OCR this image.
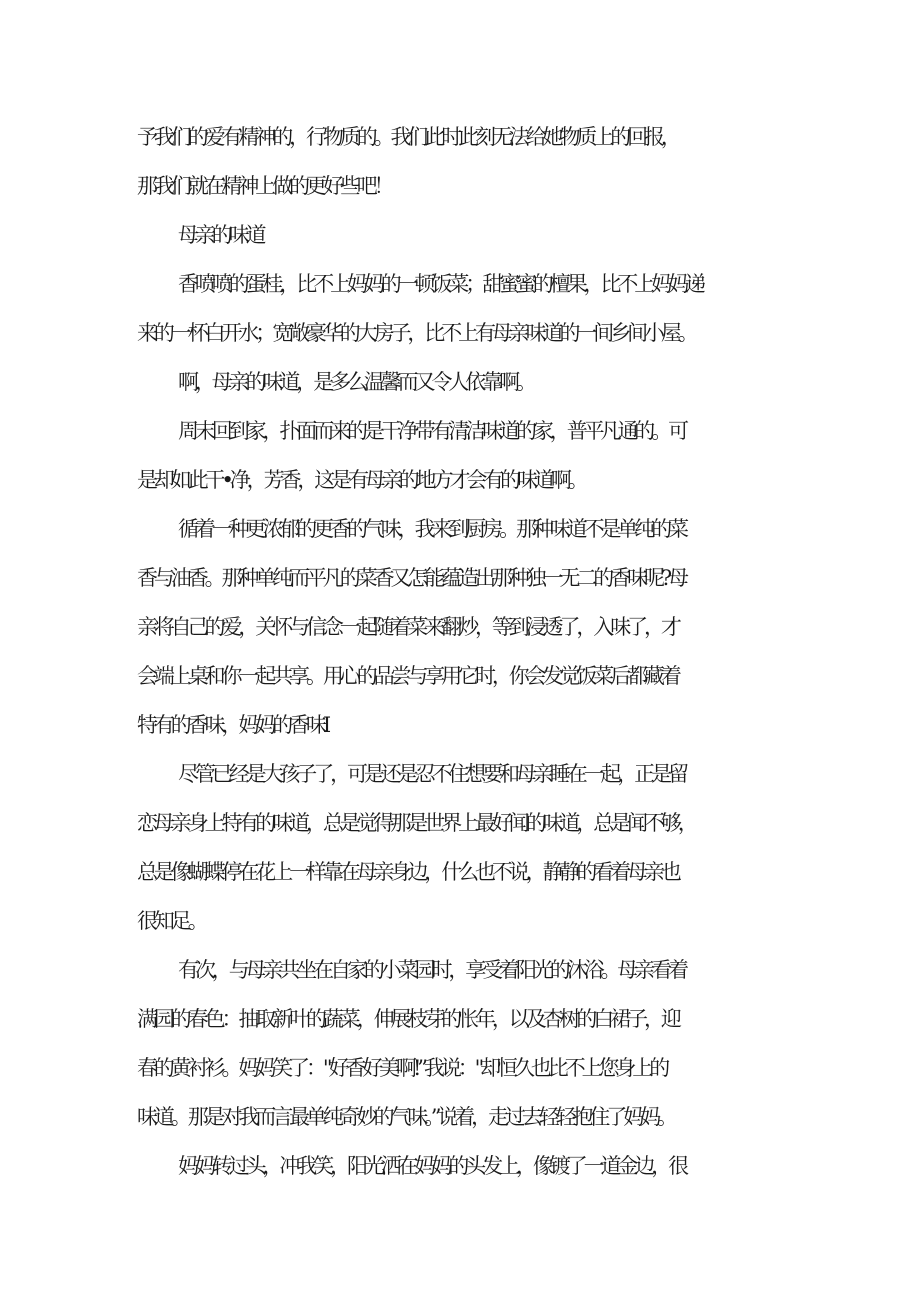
予我们的爱有精神的，行物质的。我们此时此刻无法给她物质上的回报，
那我们就在精神上做的更好些吧！
母亲的味道
香喷喷的蛋桂，比不上妈妈的一顿饭菜；甜蜜蜜的檀果，比不上妈妈递
来的一杯白开水；宽敞豪华的大房子，比不上有母亲味道的一间乡间小屋。
啊，母亲的味道，是多么温馨而又令人依靠啊。
周末回到家，扑面而来的是干净带有清洁味道的家，普平凡通的。可
是却如此干•净，芳香，这是有母亲的地方才会有的味道啊。
循着一种更浓郁的更香的气味，我来到厨房。那种味道不是单纯的菜
香与油香。那种单纯而平凡的菜香又怎能蕴造出那种独一无二的香味呢?母
亲将自己的爱，关怀与信念一起随着菜来翻炒，等到浸透了，入味了，才
会端上桌和你一起共享。用心的品尝与享用它时，你会发觉饭菜后都藏着
特有的香味，妈妈的香味I
尽管已经是大孩子了，可是还是忍不住想要和母亲睡在一起，正是留
恋母亲身上特有的味道，总是觉得那是世界上最好闻的味道，总是闻不够，
总是像蝴蝶停在花上一样靠在母亲身边，什么也不说，静静的看着母亲也
很知足。
有次，与母亲共坐在自家的小菜园时，享受着阳光的沐浴。母亲看着
满园的春色：抽取新叶的蔬菜，伸展枝芽的怅年，以及杏树的白裙子，迎
春的黄衬衫。妈妈笑了："好香好美啊!”我说："却恒久也比不上您身上的
味道。那是对我而言最单纯奇妙的气味。”说着，走过去轻轻抱住了妈妈。
妈妈转过头，冲我笑，阳光洒在妈妈的头发上，像镀了一道金边，很
